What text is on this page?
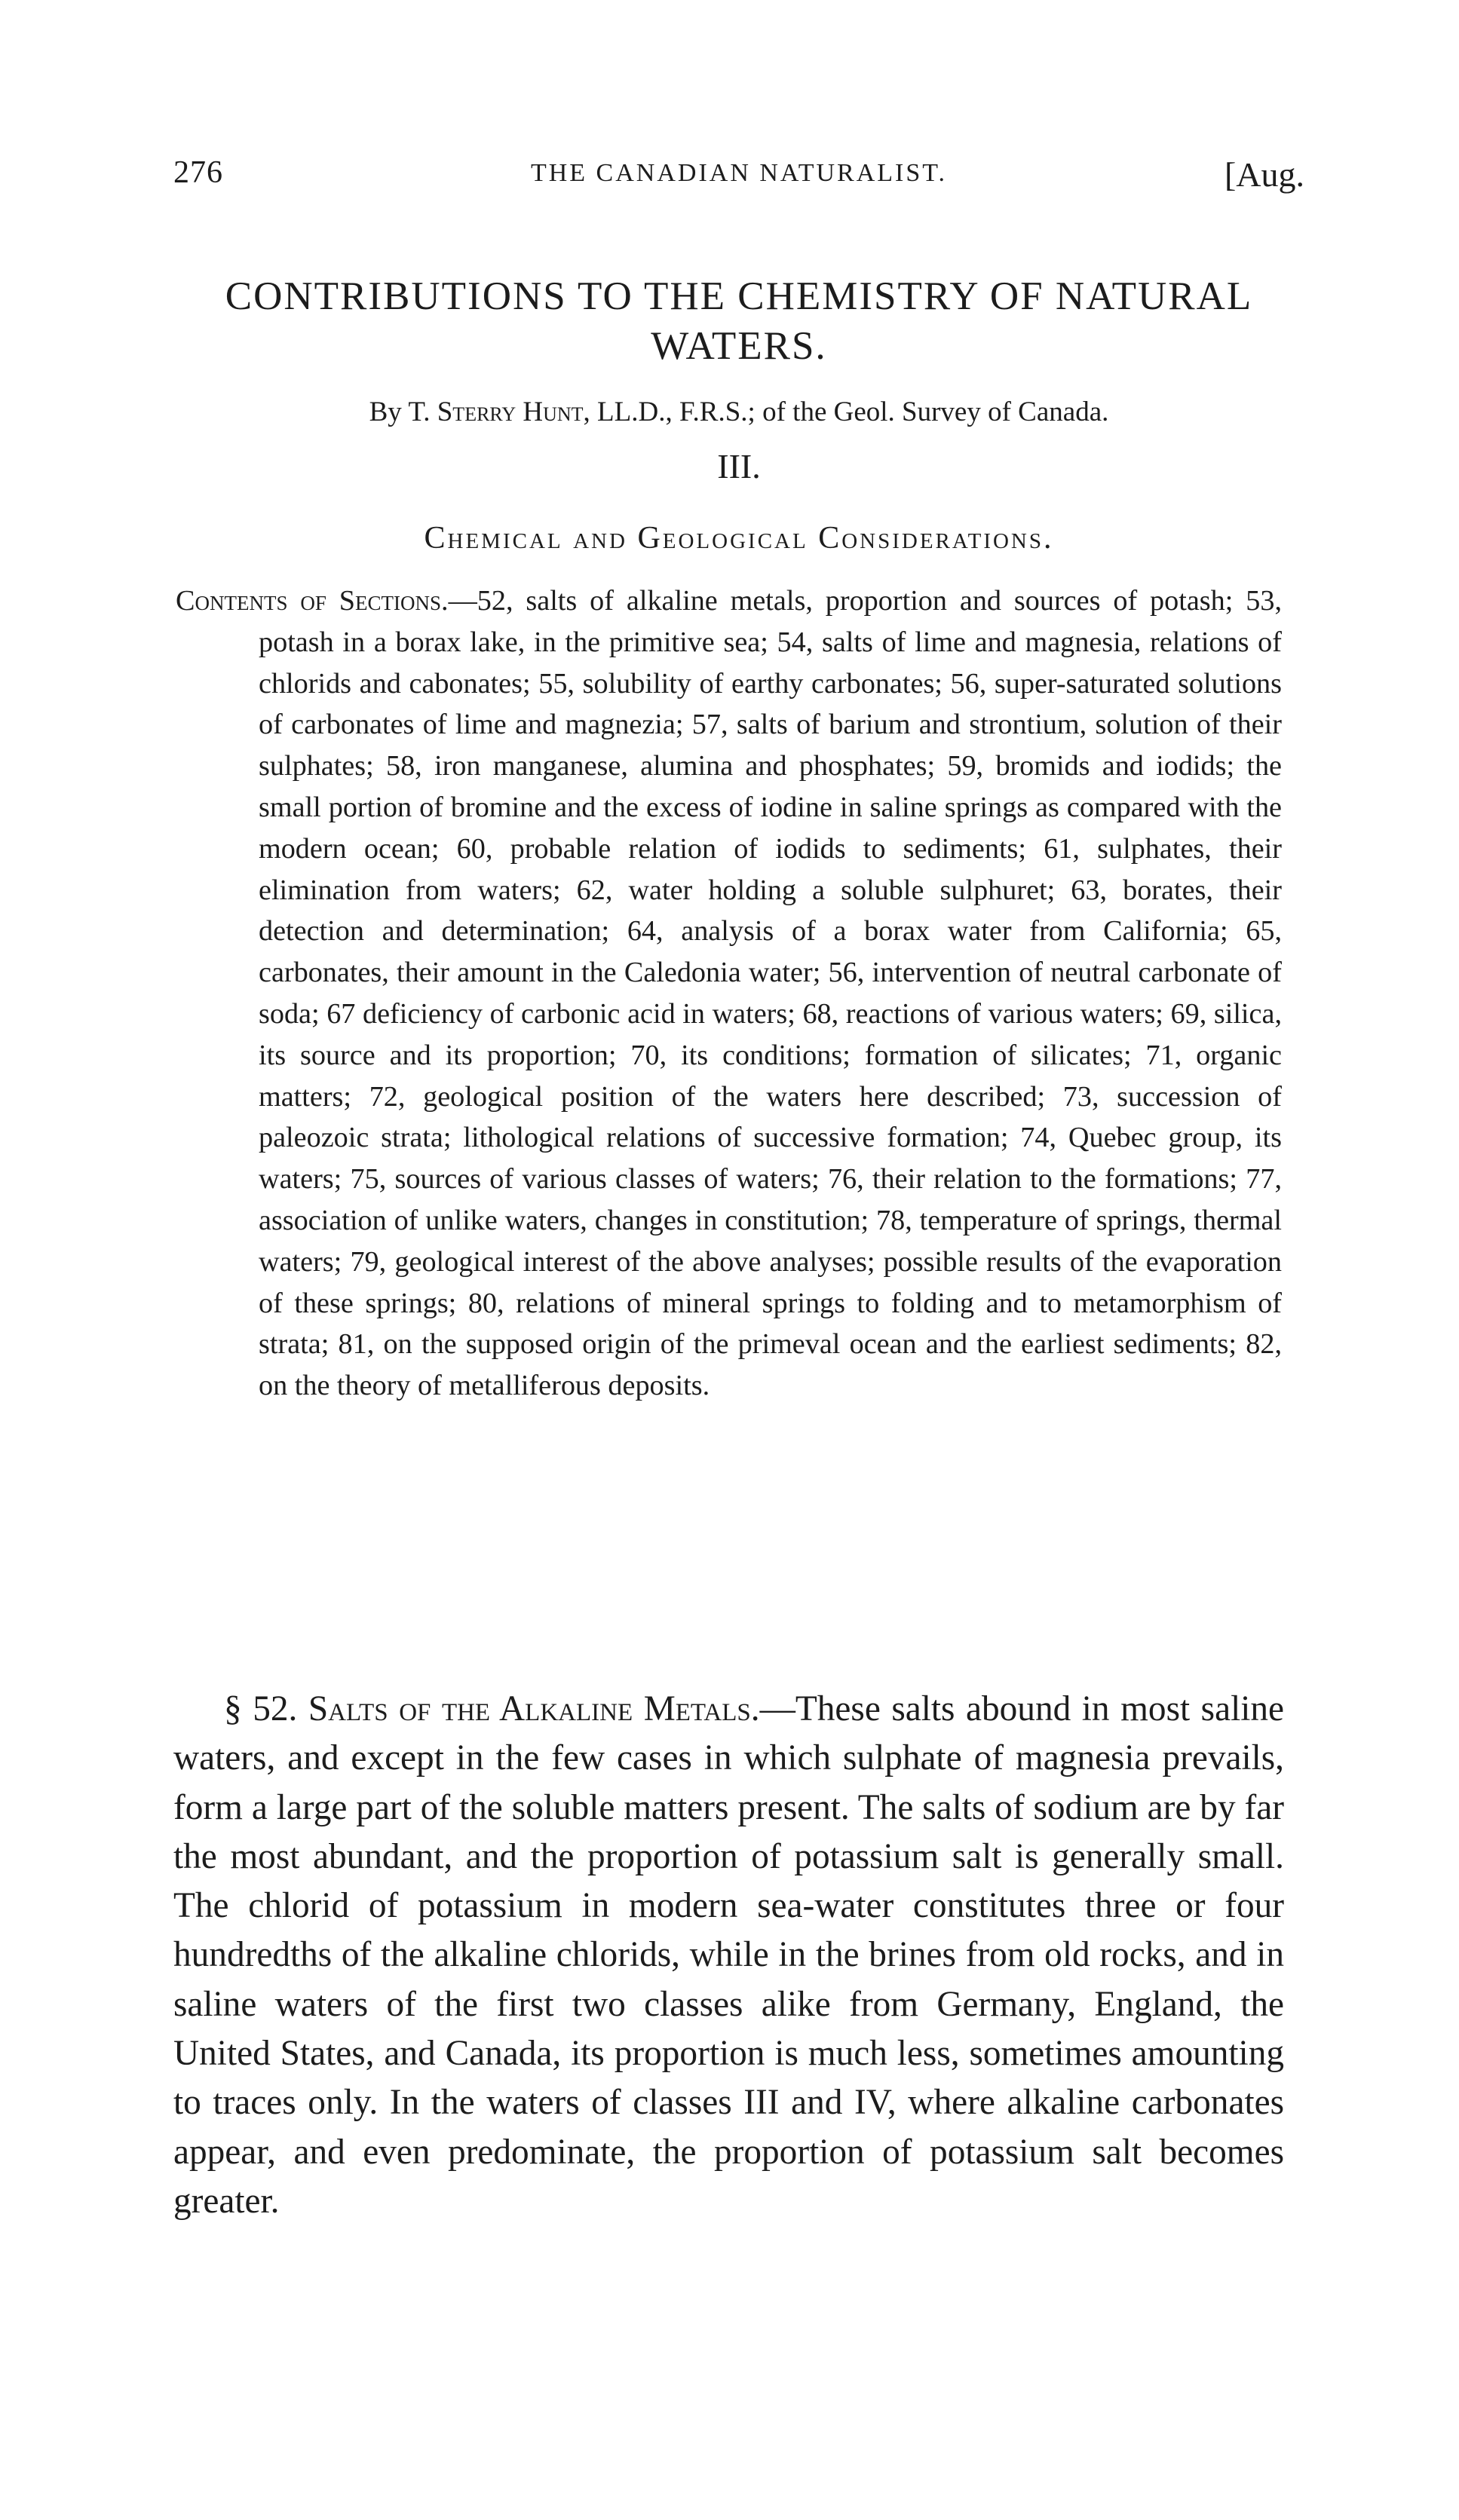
276	THE CANADIAN NATURALIST.	[Aug.
CONTRIBUTIONS TO THE CHEMISTRY OF NATURAL WATERS.
By T. Sterry Hunt, LL.D., F.R.S.; of the Geol. Survey of Canada.
III.
Chemical and Geological Considerations.
Contents of Sections.—52, salts of alkaline metals, proportion and sources of potash; 53, potash in a borax lake, in the primitive sea; 54, salts of lime and magnesia, relations of chlorids and cabonates; 55, solubility of earthy carbonates; 56, super-saturated solutions of carbonates of lime and magnezia; 57, salts of barium and strontium, solution of their sulphates; 58, iron manganese, alumina and phosphates; 59, bromids and iodids; the small portion of bromine and the excess of iodine in saline springs as compared with the modern ocean; 60, probable relation of iodids to sediments; 61, sulphates, their elimination from waters; 62, water holding a soluble sulphuret; 63, borates, their detection and determination; 64, analysis of a borax water from California; 65, carbonates, their amount in the Caledonia water; 56, intervention of neutral carbonate of soda; 67 deficiency of carbonic acid in waters; 68, reactions of various waters; 69, silica, its source and its proportion; 70, its conditions; formation of silicates; 71, organic matters; 72, geological position of the waters here described; 73, succession of paleozoic strata; lithological relations of successive formation; 74, Quebec group, its waters; 75, sources of various classes of waters; 76, their relation to the formations; 77, association of unlike waters, changes in constitution; 78, temperature of springs, thermal waters; 79, geological interest of the above analyses; possible results of the evaporation of these springs; 80, relations of mineral springs to folding and to metamorphism of strata; 81, on the supposed origin of the primeval ocean and the earliest sediments; 82, on the theory of metalliferous deposits.
§ 52. Salts of the Alkaline Metals.—These salts abound in most saline waters, and except in the few cases in which sulphate of magnesia prevails, form a large part of the soluble matters present. The salts of sodium are by far the most abundant, and the proportion of potassium salt is generally small. The chlorid of potassium in modern sea-water constitutes three or four hundredths of the alkaline chlorids, while in the brines from old rocks, and in saline waters of the first two classes alike from Germany, England, the United States, and Canada, its proportion is much less, sometimes amounting to traces only. In the waters of classes III and IV, where alkaline carbonates appear, and even predominate, the proportion of potassium salt becomes greater.
